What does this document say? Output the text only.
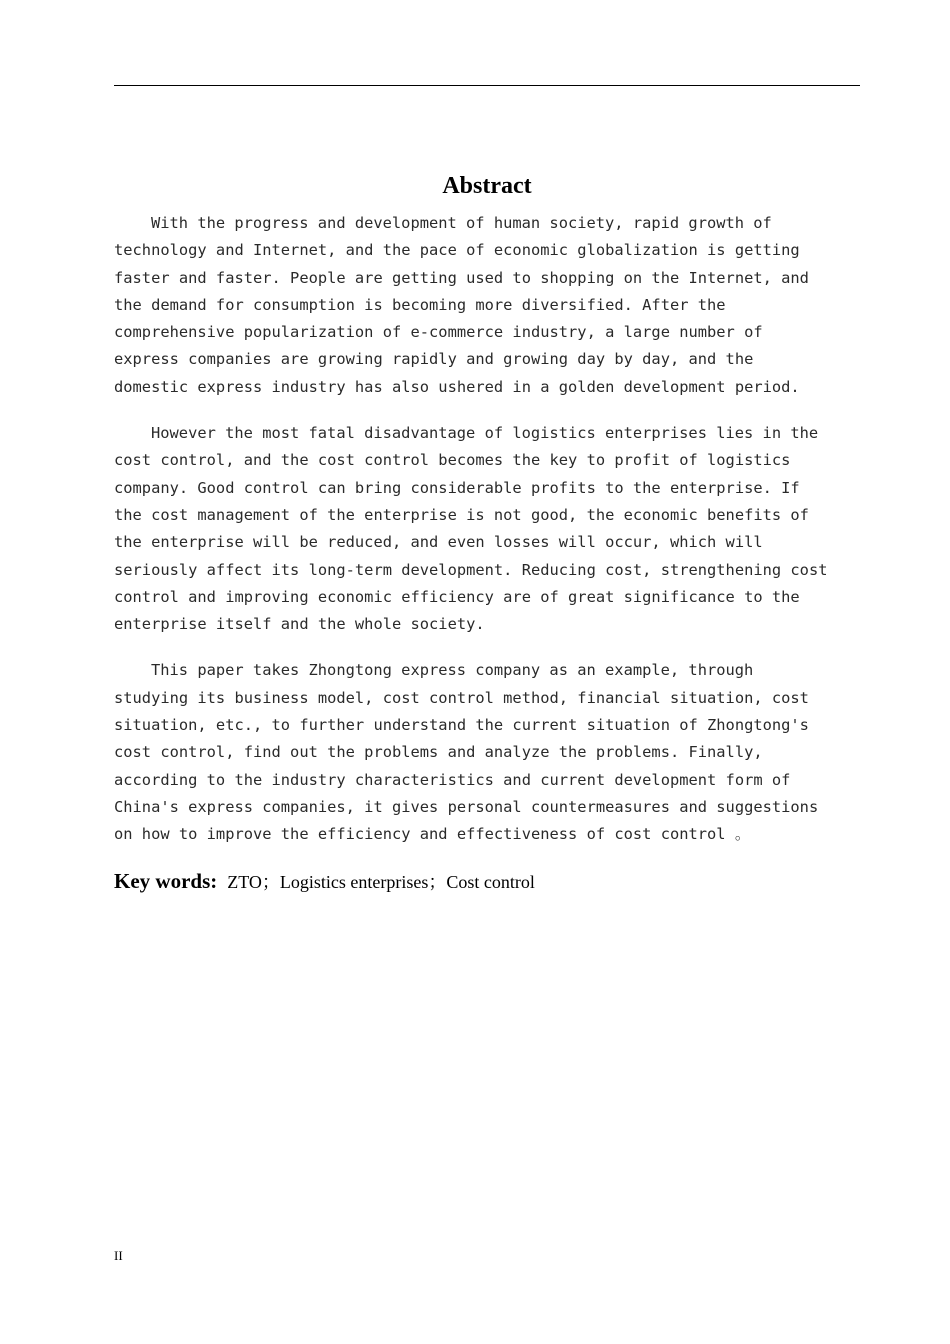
Abstract

With the progress and development of human society, rapid growth of
technology and Internet, and the pace of economic globalization is getting
faster and faster. People are getting used to shopping on the Internet, and
the demand for consumption is becoming more diversified. After the
comprehensive popularization of e-commerce industry, a large number of
express companies are growing rapidly and growing day by day, and the
domestic express industry has also ushered in a golden development period.

However the most fatal disadvantage of logistics enterprises lies in the
cost control, and the cost control becomes the key to profit of logistics
company. Good control can bring considerable profits to the enterprise. If
the cost management of the enterprise is not good, the economic benefits of
the enterprise will be reduced, and even losses will occur, which will
seriously affect its long-term development. Reducing cost, strengthening cost
control and improving economic efficiency are of great significance to the
enterprise itself and the whole society.

This paper takes Zhongtong express company as an example, through
studying its business model, cost control method, financial situation, cost
situation, etc., to further understand the current situation of Zhongtong's
cost control, find out the problems and analyze the problems. Finally,
according to the industry characteristics and current development form of
China's express companies, it gives personal countermeasures and suggestions
on how to improve the efficiency and effectiveness of cost control 。

Key words: ZTO；Logistics enterprises；Cost control
II
